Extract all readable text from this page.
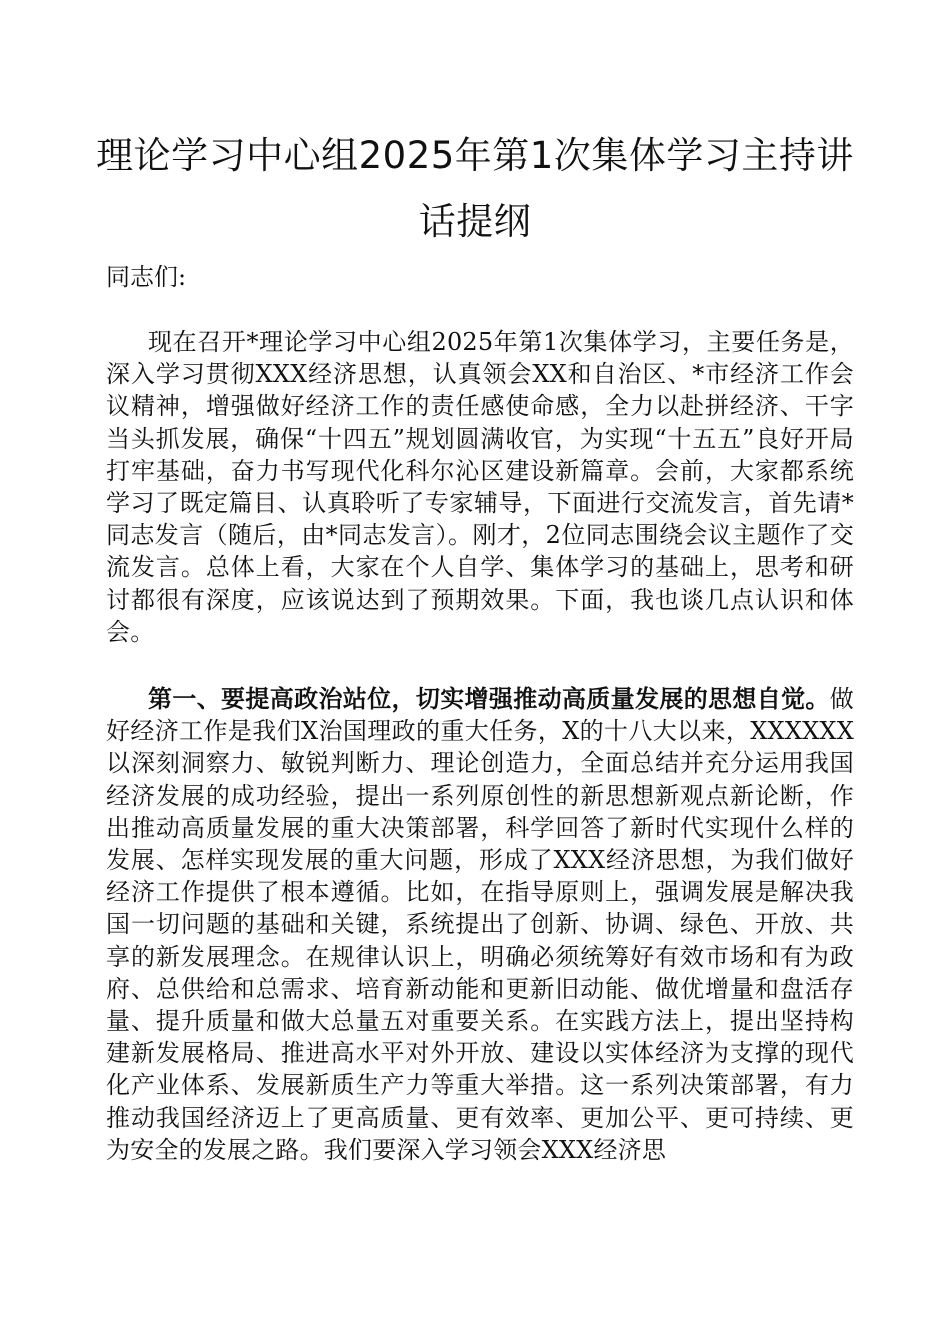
理论学习中心组2025年第1次集体学习主持讲
话提纲
同志们:
现在召开*理论学习中心组2025年第1次集体学习，主要任务是，深入学习贯彻XXX经济思想，认真领会XX和自治区、*市经济工作会议精神，增强做好经济工作的责任感使命感，全力以赴拼经济、干字当头抓发展，确保“十四五”规划圆满收官，为实现“十五五”良好开局打牢基础，奋力书写现代化科尔沁区建设新篇章。会前，大家都系统学习了既定篇目、认真聆听了专家辅导，下面进行交流发言，首先请*同志发言（随后，由*同志发言）。刚才，2位同志围绕会议主题作了交流发言。总体上看，大家在个人自学、集体学习的基础上，思考和研讨都很有深度，应该说达到了预期效果。下面，我也谈几点认识和体会。
第一、要提高政治站位，切实增强推动高质量发展的思想自觉。做好经济工作是我们X治国理政的重大任务，X的十八大以来，XXXXXX以深刻洞察力、敏锐判断力、理论创造力，全面总结并充分运用我国经济发展的成功经验，提出一系列原创性的新思想新观点新论断，作出推动高质量发展的重大决策部署，科学回答了新时代实现什么样的发展、怎样实现发展的重大问题，形成了XXX经济思想，为我们做好经济工作提供了根本遵循。比如，在指导原则上，强调发展是解决我国一切问题的基础和关键，系统提出了创新、协调、绿色、开放、共享的新发展理念。在规律认识上，明确必须统筹好有效市场和有为政府、总供给和总需求、培育新动能和更新旧动能、做优增量和盘活存量、提升质量和做大总量五对重要关系。在实践方法上，提出坚持构建新发展格局、推进高水平对外开放、建设以实体经济为支撑的现代化产业体系、发展新质生产力等重大举措。这一系列决策部署，有力推动我国经济迈上了更高质量、更有效率、更加公平、更可持续、更为安全的发展之路。我们要深入学习领会XXX经济思
